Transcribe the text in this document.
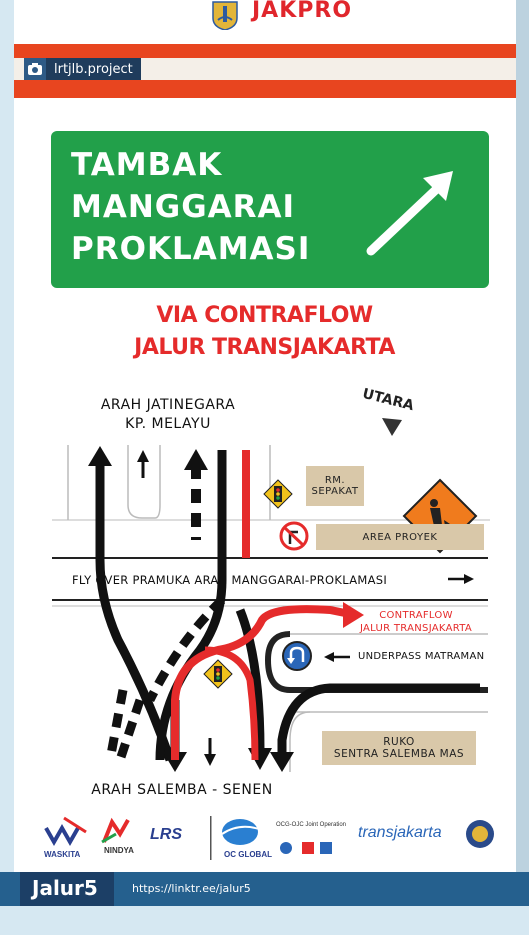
JAKPRO
lrtjlb.project
TAMBAK
MANGGARAI
PROKLAMASI
VIA CONTRAFLOW
JALUR TRANSJAKARTA
UTARA
ARAH JATINEGARA
KP. MELAYU
RM.
SEPAKAT
AREA PROYEK
FLY OVER PRAMUKA ARAH MANGGARAI-PROKLAMASI
CONTRAFLOW
JALUR TRANSJAKARTA
UNDERPASS MATRAMAN
RUKO
SENTRA SALEMBA MAS
ARAH SALEMBA - SENEN
WASKITA	NINDYA
LRS
OC GLOBAL
OCG-OJC Joint Operation transjakarta
Jalur5	https://linktr.ee/jalur5
